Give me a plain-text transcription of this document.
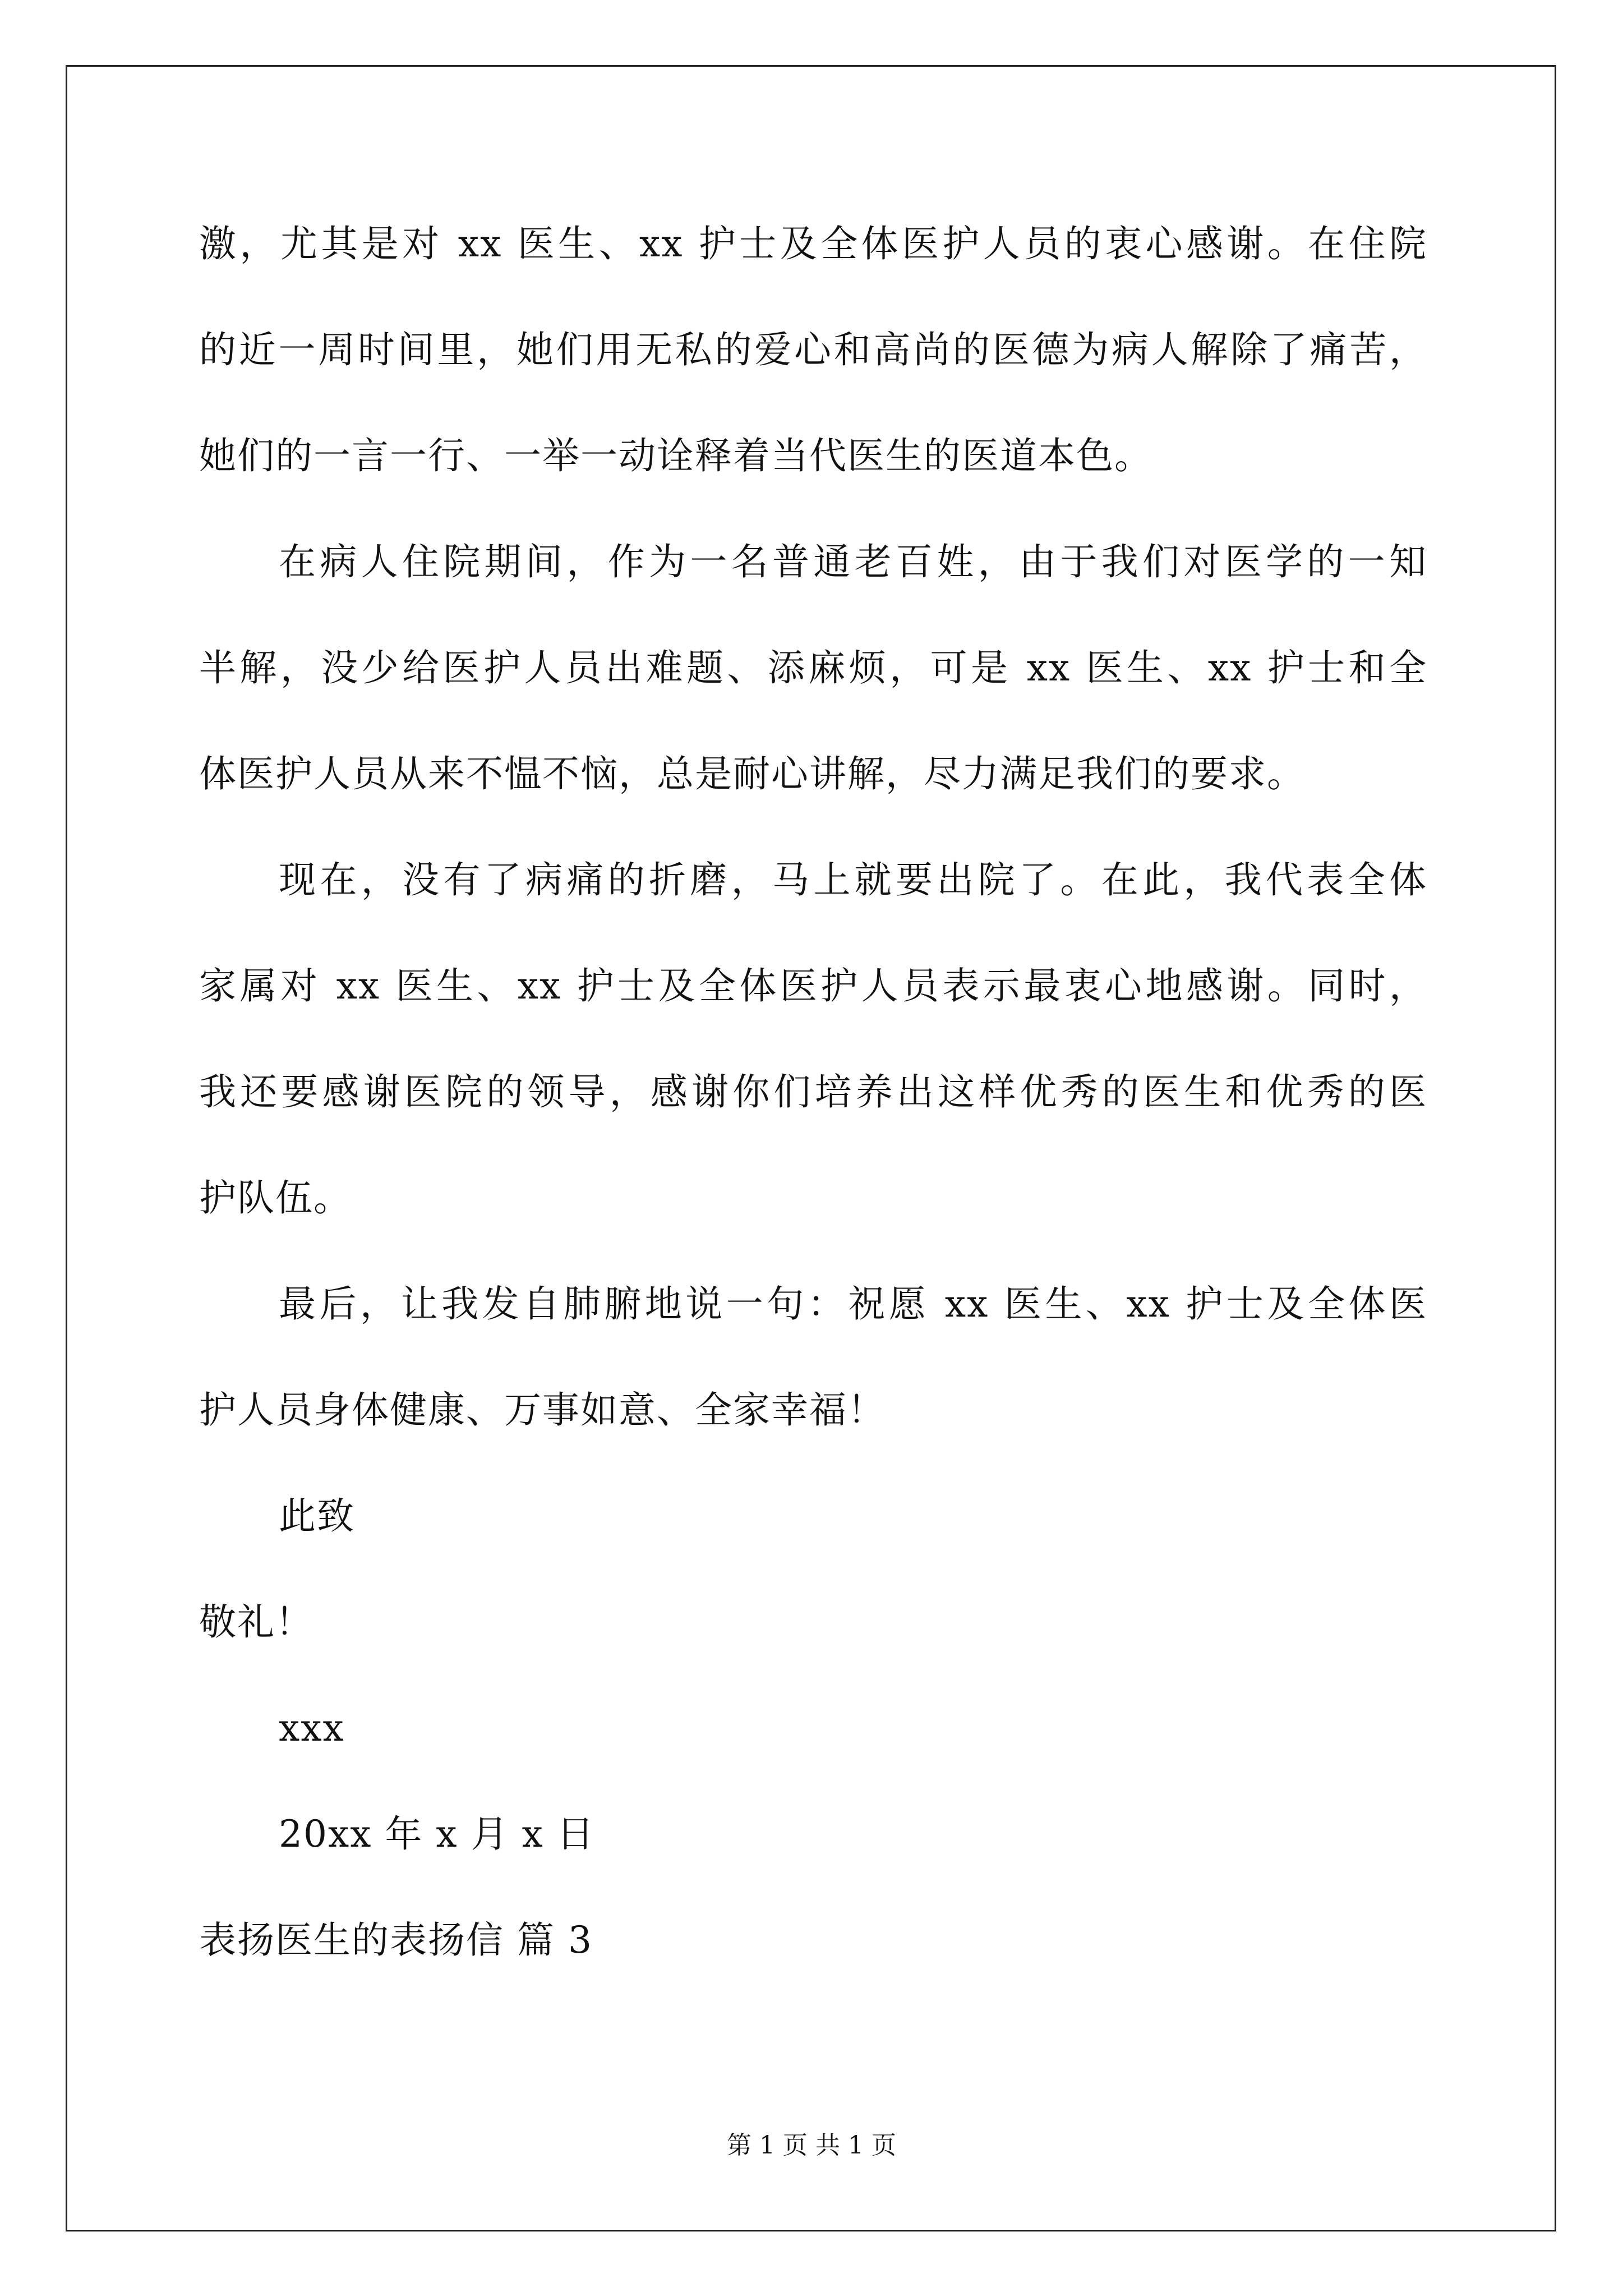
激，尤其是对 xx 医生、xx 护士及全体医护人员的衷心感谢。在住院
的近一周时间里，她们用无私的爱心和高尚的医德为病人解除了痛苦，
她们的一言一行、一举一动诠释着当代医生的医道本色。
在病人住院期间，作为一名普通老百姓，由于我们对医学的一知
半解，没少给医护人员出难题、添麻烦，可是 xx 医生、xx 护士和全
体医护人员从来不愠不恼，总是耐心讲解，尽力满足我们的要求。
现在，没有了病痛的折磨，马上就要出院了。在此，我代表全体
家属对 xx 医生、xx 护士及全体医护人员表示最衷心地感谢。同时，
我还要感谢医院的领导，感谢你们培养出这样优秀的医生和优秀的医
护队伍。
最后，让我发自肺腑地说一句：祝愿 xx 医生、xx 护士及全体医
护人员身体健康、万事如意、全家幸福！
此致
敬礼！
xxx
20xx 年 x 月 x 日
表扬医生的表扬信 篇 3
第 1 页 共 1 页
